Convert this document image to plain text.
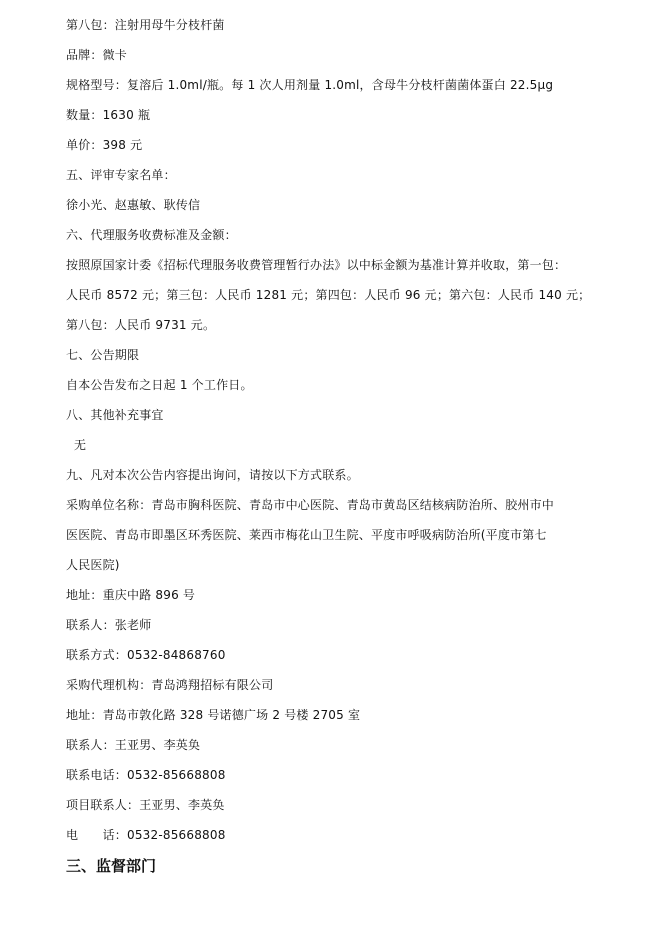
第八包：注射用母牛分枝杆菌
品牌：微卡
规格型号：复溶后 1.0ml/瓶。每 1 次人用剂量 1.0ml，含母牛分枝杆菌菌体蛋白 22.5μg
数量：1630 瓶
单价：398 元
五、评审专家名单：
徐小光、赵惠敏、耿传信
六、代理服务收费标准及金额：
按照原国家计委《招标代理服务收费管理暂行办法》以中标金额为基准计算并收取，第一包：
人民币 8572 元；第三包：人民币 1281 元；第四包：人民币 96 元；第六包：人民币 140 元；
第八包：人民币 9731 元。
七、公告期限
自本公告发布之日起 1 个工作日。
八、其他补充事宜
无
九、凡对本次公告内容提出询问，请按以下方式联系。
采购单位名称：青岛市胸科医院、青岛市中心医院、青岛市黄岛区结核病防治所、胶州市中
医医院、青岛市即墨区环秀医院、莱西市梅花山卫生院、平度市呼吸病防治所(平度市第七
人民医院)
地址：重庆中路 896 号
联系人：张老师
联系方式：0532-84868760
采购代理机构：青岛鸿翔招标有限公司
地址：青岛市敦化路 328 号诺德广场 2 号楼 2705 室
联系人：王亚男、李英奂
联系电话：0532-85668808
项目联系人：王亚男、李英奂
电　　话：0532-85668808
三、监督部门
